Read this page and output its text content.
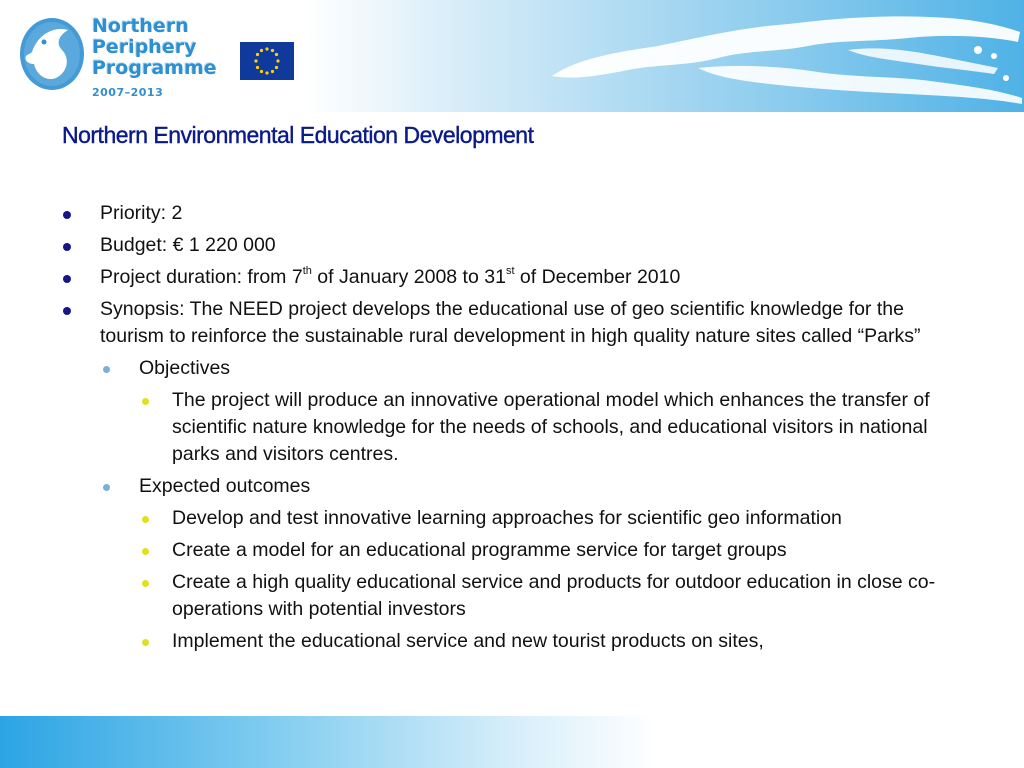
Northern
Periphery
Programme
2007–2013
Northern Environmental Education Development
Priority: 2
Budget: € 1 220 000
Project duration: from 7th of January 2008 to 31st of December 2010
Synopsis: The NEED project develops the educational use of geo scientific knowledge for the tourism to reinforce the sustainable rural development in high quality nature sites called “Parks”
Objectives
The project will produce an innovative operational model which enhances the transfer of scientific nature knowledge for the needs of schools, and educational visitors in national parks and visitors centres.
Expected outcomes
Develop and test innovative learning approaches for scientific geo information
Create a model for an educational programme service for target groups
Create a high quality educational service and products for outdoor education in close co-operations with potential investors
Implement the educational service and new tourist products on sites,
